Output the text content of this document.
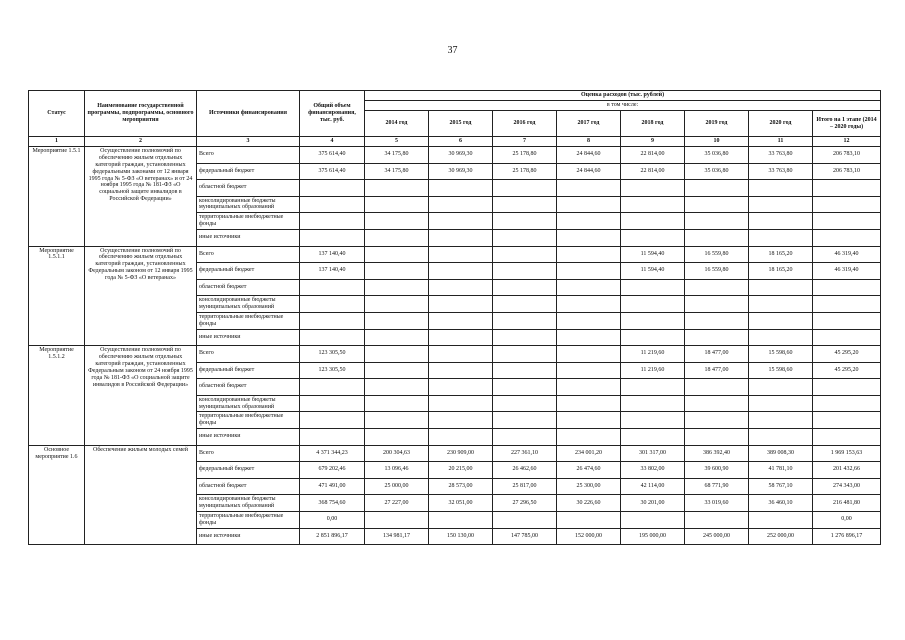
37
Статус	Наименование государственной программы, подпрограммы, основного мероприятия	Источники финансирования	Общий объем финансирования, тыс. руб.	Оценка расходов (тыс. рублей)							
				в том числе:							
				2014 год	2015 год	2016 год	2017 год	2018 год	2019 год	2020 год	Итого на 1 этапе (2014 – 2020 годы)
1	2	3	4	5	6	7	8	9	10	11	12
Мероприятие 1.5.1	Осуществление полномочий по обеспечению жильем отдельных категорий граждан, установленных федеральными законами от 12 января 1995 года № 5-ФЗ «О ветеранах» и от 24 ноября 1995 года № 181-ФЗ «О социальной защите инвалидов в Российской Федерации»	Всего	375 614,40	34 175,80	30 969,30	25 178,80	24 844,60	22 814,00	35 036,80	33 763,80	206 783,10
		федеральный бюджет	375 614,40	34 175,80	30 969,30	25 178,80	24 844,60	22 814,00	35 036,80	33 763,80	206 783,10
		областной бюджет									
		консолидированные бюджеты муниципальных образований									
		территориальные внебюджетные фонды									
		иные источники									
Мероприятие 1.5.1.1	Осуществление полномочий по обеспечению жильем отдельных категорий граждан, установленных Федеральным законом от 12 января 1995 года № 5-ФЗ «О ветеранах»	Всего	137 140,40					11 594,40	16 559,80	18 165,20	46 319,40
		федеральный бюджет	137 140,40					11 594,40	16 559,80	18 165,20	46 319,40
		областной бюджет									
		консолидированные бюджеты муниципальных образований									
		территориальные внебюджетные фонды									
		иные источники									
Мероприятие 1.5.1.2	Осуществление полномочий по обеспечению жильем отдельных категорий граждан, установленных Федеральным законом от 24 ноября 1995 года № 181-ФЗ «О социальной защите инвалидов в Российской Федерации»	Всего	123 305,50					11 219,60	18 477,00	15 598,60	45 295,20
		федеральный бюджет	123 305,50					11 219,60	18 477,00	15 598,60	45 295,20
		областной бюджет									
		консолидированные бюджеты муниципальных образований									
		территориальные внебюджетные фонды									
		иные источники									
Основное мероприятие 1.6	Обеспечение жильем молодых семей	Всего	4 371 344,23	200 304,63	230 909,00	227 361,10	234 001,20	301 317,00	386 392,40	389 008,30	1 969 153,63
		федеральный бюджет	679 202,46	13 096,46	20 215,00	26 462,60	26 474,60	33 802,00	39 600,90	41 781,10	201 432,66
		областной бюджет	471 491,00	25 000,00	28 573,00	25 817,00	25 300,00	42 114,00	68 771,90	58 767,10	274 343,00
		консолидированные бюджеты муниципальных образований	368 754,60	27 227,00	32 051,00	27 296,50	30 226,60	30 201,00	33 019,60	36 460,10	216 481,80
		территориальные внебюджетные фонды	0,00								0,00
		иные источники	2 851 896,17	134 981,17	150 130,00	147 785,00	152 000,00	195 000,00	245 000,00	252 000,00	1 276 896,17
